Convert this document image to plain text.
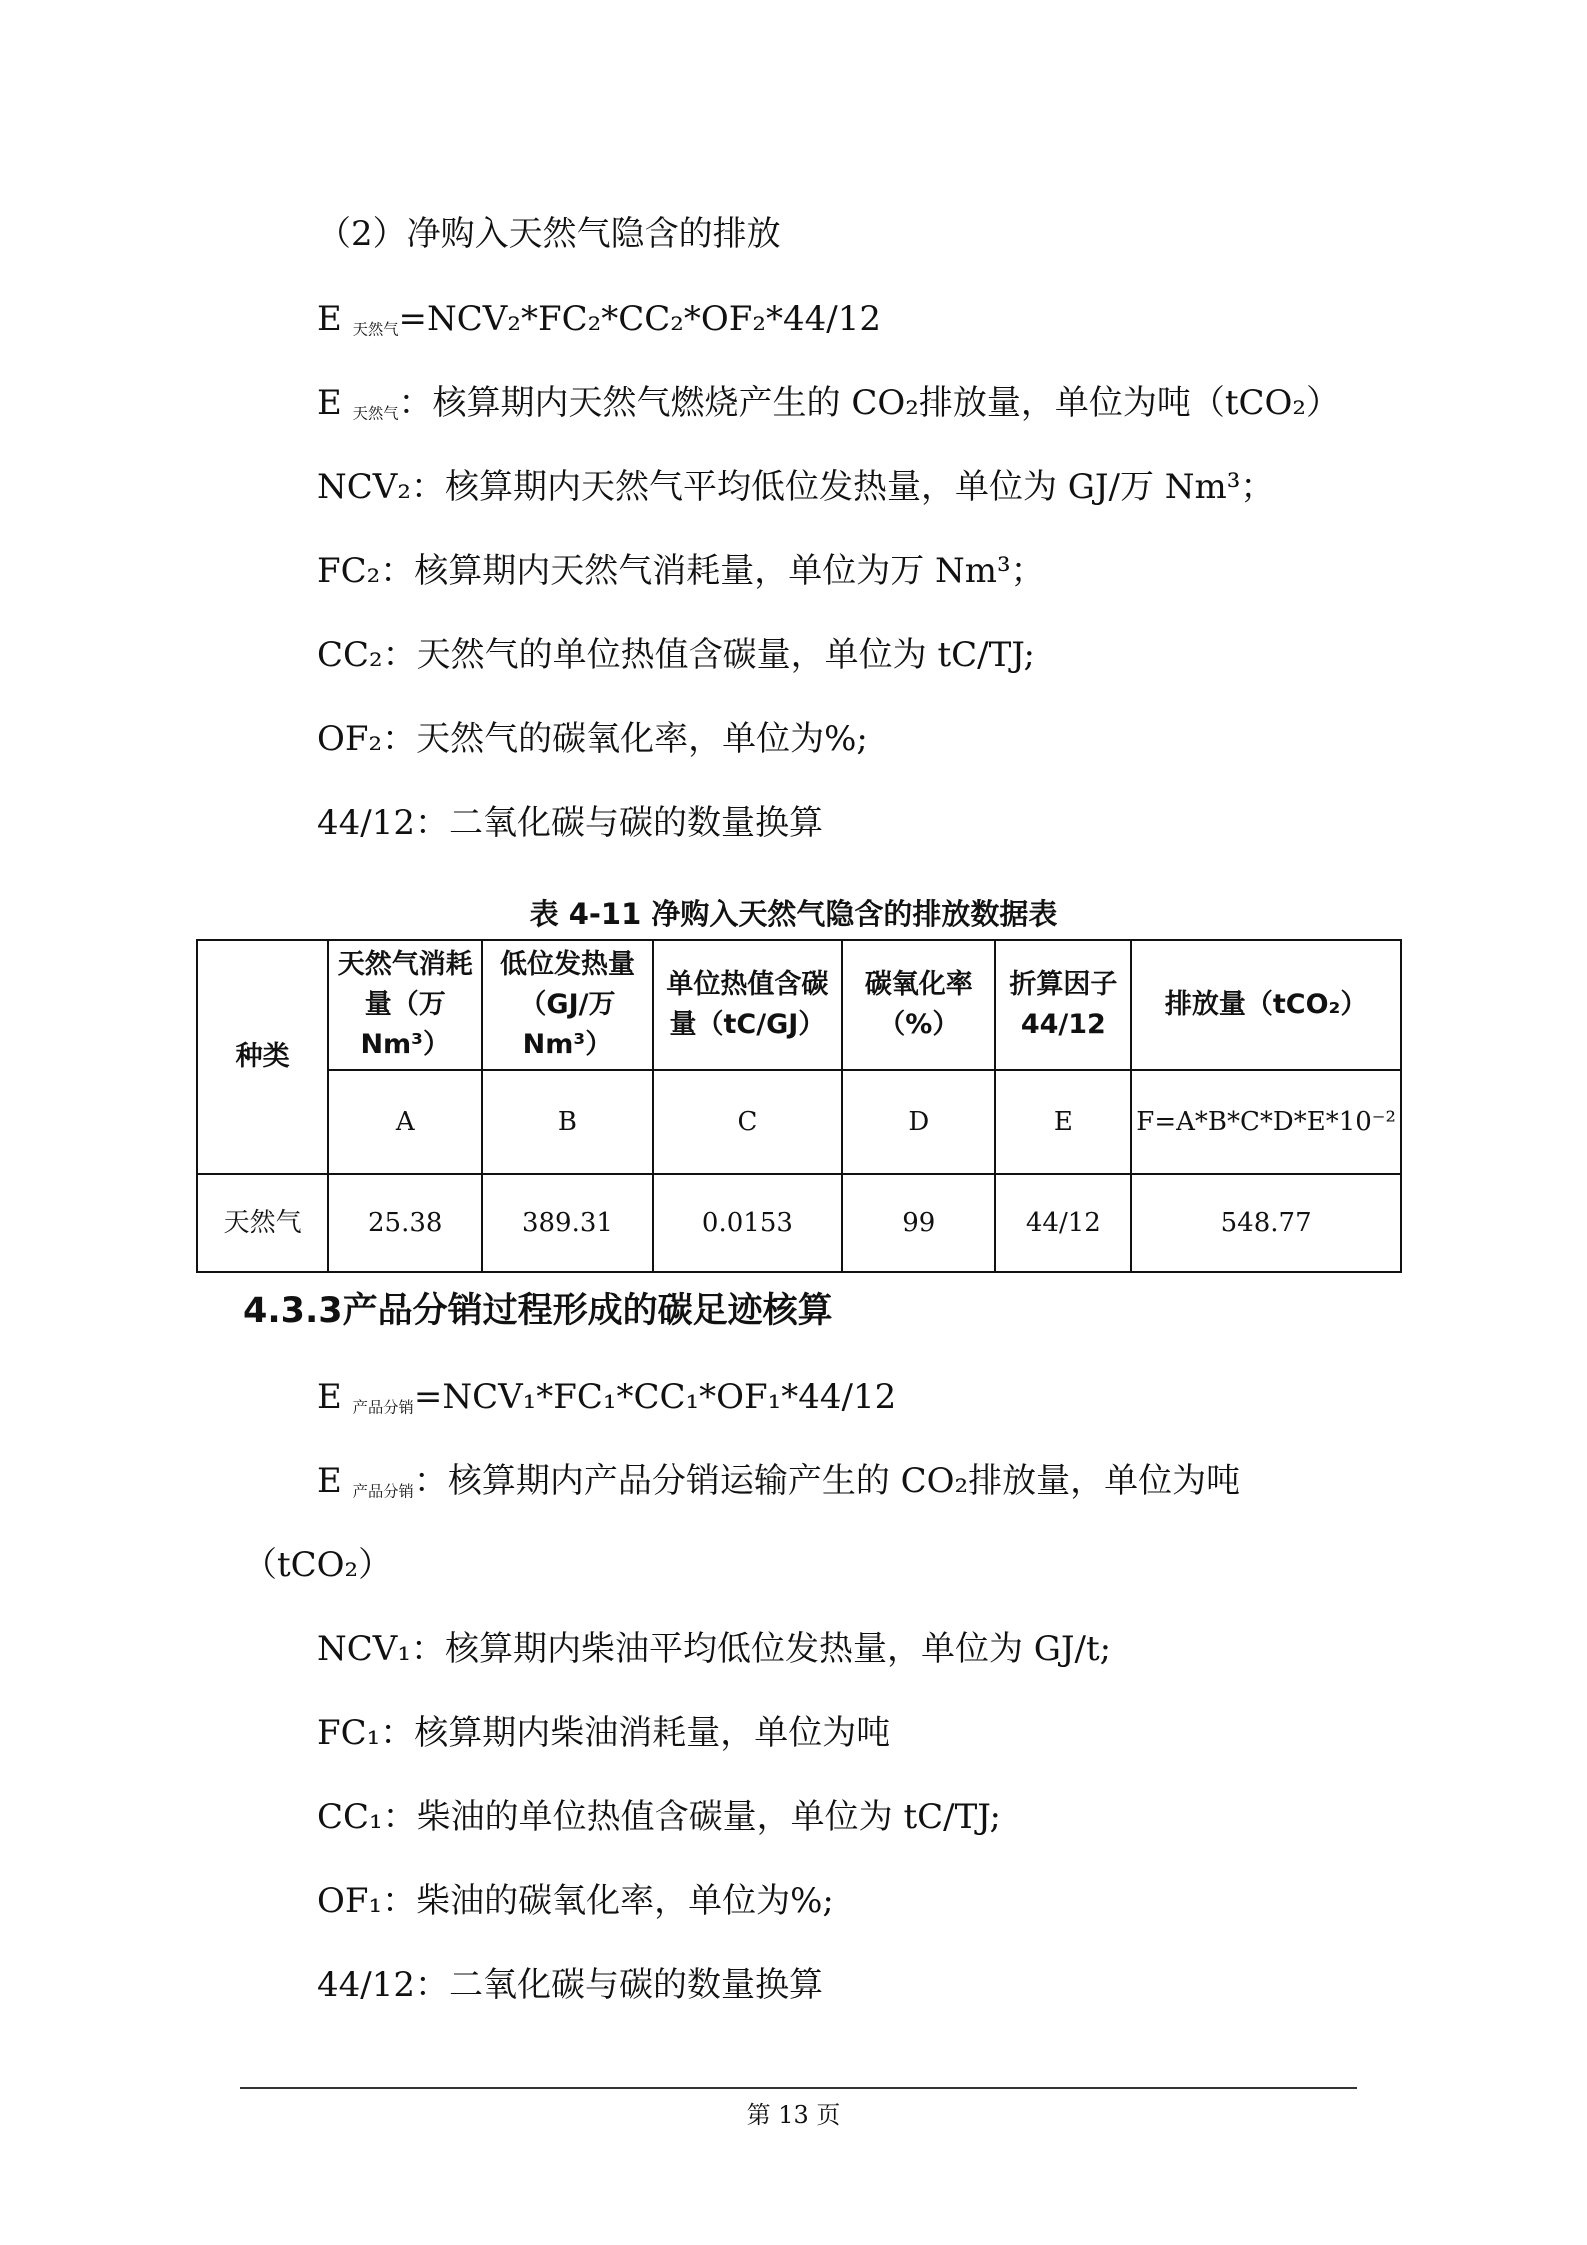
（2）净购入天然气隐含的排放
E 天然气=NCV₂*FC₂*CC₂*OF₂*44/12
E 天然气：核算期内天然气燃烧产生的 CO₂排放量，单位为吨（tCO₂）
NCV₂：核算期内天然气平均低位发热量，单位为 GJ/万 Nm³；
FC₂：核算期内天然气消耗量，单位为万 Nm³；
CC₂：天然气的单位热值含碳量，单位为 tC/TJ;
OF₂：天然气的碳氧化率，单位为%;
44/12：二氧化碳与碳的数量换算
表 4-11 净购入天然气隐含的排放数据表
种类	天然气消耗量（万 Nm³）	低位发热量（GJ/万 Nm³）	单位热值含碳量（tC/GJ）	碳氧化率（%）	折算因子 44/12	排放量（tCO₂）
	A	B	C	D	E	F=A*B*C*D*E*10⁻²
天然气	25.38	389.31	0.0153	99	44/12	548.77
4.3.3产品分销过程形成的碳足迹核算
E 产品分销=NCV₁*FC₁*CC₁*OF₁*44/12
E 产品分销：核算期内产品分销运输产生的 CO₂排放量，单位为吨
（tCO₂）
NCV₁：核算期内柴油平均低位发热量，单位为 GJ/t;
FC₁：核算期内柴油消耗量，单位为吨
CC₁：柴油的单位热值含碳量，单位为 tC/TJ;
OF₁：柴油的碳氧化率，单位为%;
44/12：二氧化碳与碳的数量换算
第 13 页
